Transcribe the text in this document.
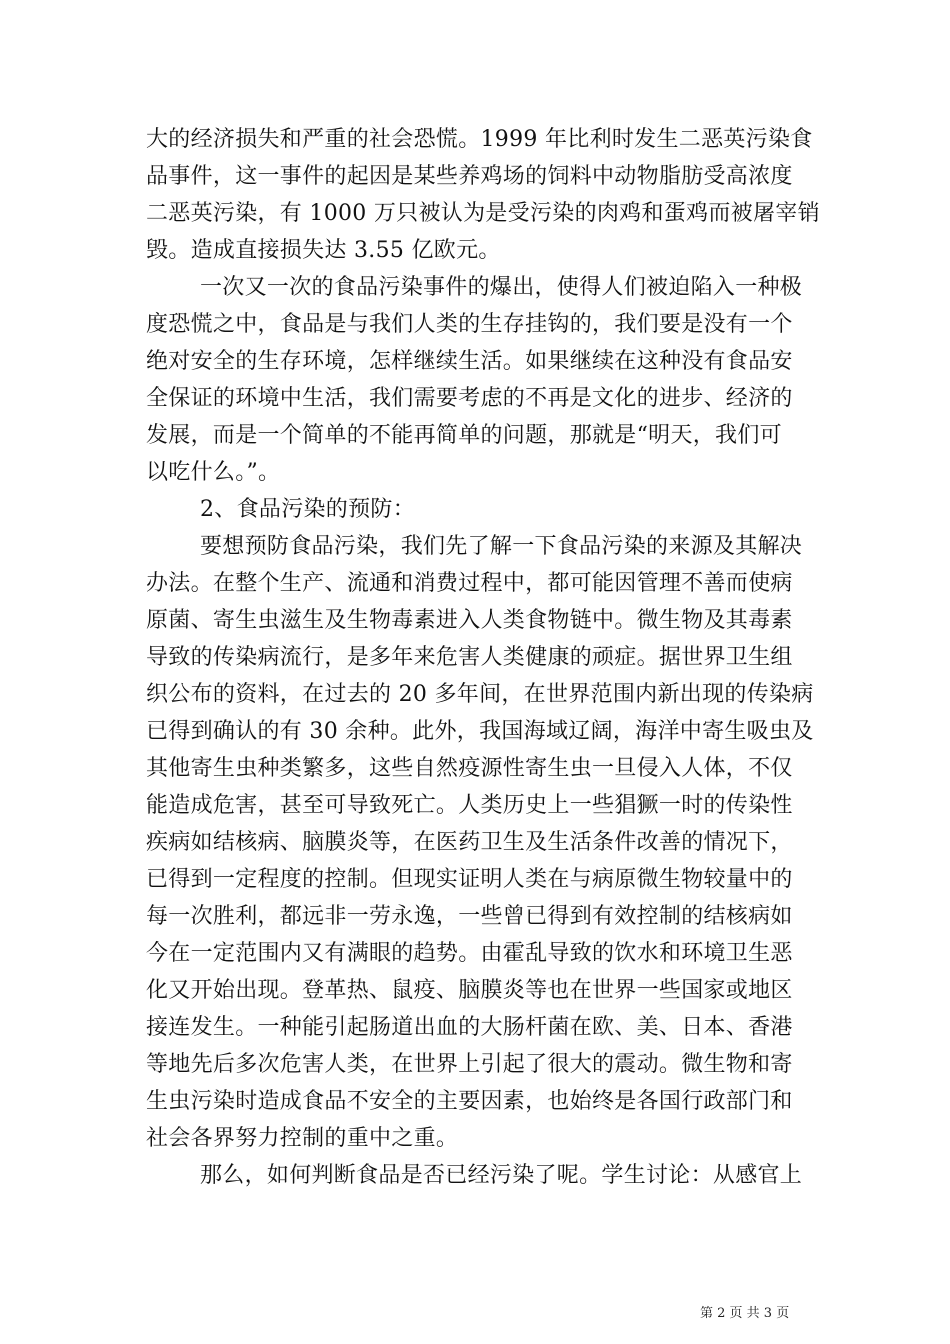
大的经济损失和严重的社会恐慌。1999 年比利时发生二恶英污染食
品事件，这一事件的起因是某些养鸡场的饲料中动物脂肪受高浓度
二恶英污染，有 1000 万只被认为是受污染的肉鸡和蛋鸡而被屠宰销
毁。造成直接损失达 3.55 亿欧元。
一次又一次的食品污染事件的爆出，使得人们被迫陷入一种极
度恐慌之中，食品是与我们人类的生存挂钩的，我们要是没有一个
绝对安全的生存环境，怎样继续生活。如果继续在这种没有食品安
全保证的环境中生活，我们需要考虑的不再是文化的进步、经济的
发展，而是一个简单的不能再简单的问题，那就是“明天，我们可
以吃什么。”。
2、食品污染的预防：
要想预防食品污染，我们先了解一下食品污染的来源及其解决
办法。在整个生产、流通和消费过程中，都可能因管理不善而使病
原菌、寄生虫滋生及生物毒素进入人类食物链中。微生物及其毒素
导致的传染病流行，是多年来危害人类健康的顽症。据世界卫生组
织公布的资料，在过去的 20 多年间，在世界范围内新出现的传染病
已得到确认的有 30 余种。此外，我国海域辽阔，海洋中寄生吸虫及
其他寄生虫种类繁多，这些自然疫源性寄生虫一旦侵入人体，不仅
能造成危害，甚至可导致死亡。人类历史上一些猖獗一时的传染性
疾病如结核病、脑膜炎等，在医药卫生及生活条件改善的情况下，
已得到一定程度的控制。但现实证明人类在与病原微生物较量中的
每一次胜利，都远非一劳永逸，一些曾已得到有效控制的结核病如
今在一定范围内又有满眼的趋势。由霍乱导致的饮水和环境卫生恶
化又开始出现。登革热、鼠疫、脑膜炎等也在世界一些国家或地区
接连发生。一种能引起肠道出血的大肠杆菌在欧、美、日本、香港
等地先后多次危害人类，在世界上引起了很大的震动。微生物和寄
生虫污染时造成食品不安全的主要因素，也始终是各国行政部门和
社会各界努力控制的重中之重。
那么，如何判断食品是否已经污染了呢。学生讨论：从感官上
第 2 页 共 3 页
